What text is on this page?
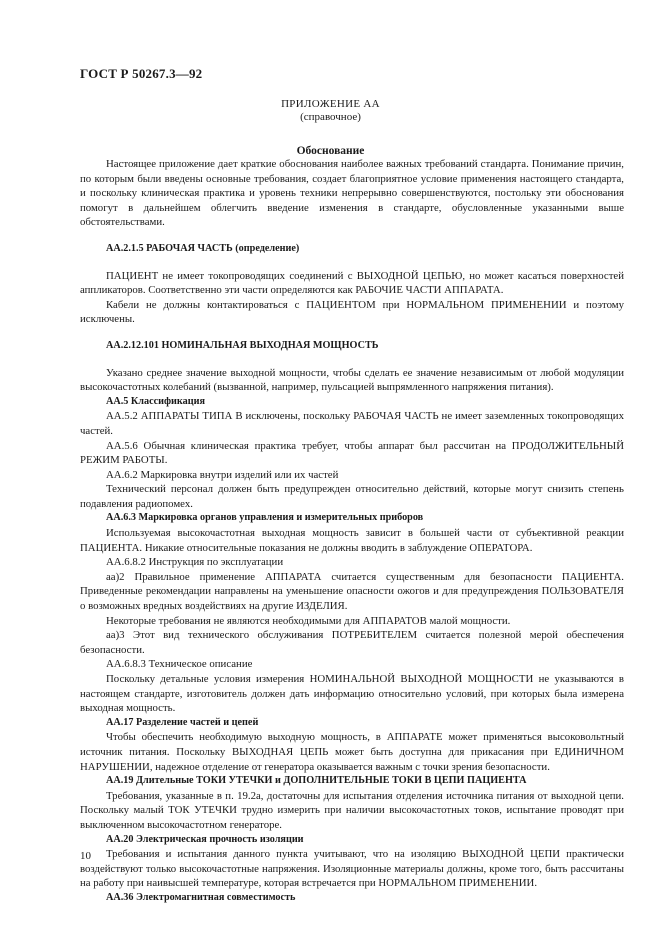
ГОСТ Р 50267.3—92
ПРИЛОЖЕНИЕ АА
(справочное)
Обоснование

Настоящее приложение дает краткие обоснования наиболее важных требований стандарта. Понимание причин, по которым были введены основные требования, создает благоприятное условие применения настоящего стандарта, и поскольку клиническая практика и уровень техники непрерывно совершенствуются, постольку эти обоснования помогут в дальнейшем облегчить введение изменения в стандарте, обусловленные указанными выше обстоятельствами.

АА.2.1.5 РАБОЧАЯ ЧАСТЬ (определение)

ПАЦИЕНТ не имеет токопроводящих соединений с ВЫХОДНОЙ ЦЕПЬЮ, но может касаться поверхностей аппликаторов. Соответственно эти части определяются как РАБОЧИЕ ЧАСТИ АППАРАТА.

Кабели не должны контактироваться с ПАЦИЕНТОМ при НОРМАЛЬНОМ ПРИМЕНЕНИИ и поэтому исключены.

АА.2.12.101 НОМИНАЛЬНАЯ ВЫХОДНАЯ МОЩНОСТЬ

Указано среднее значение выходной мощности, чтобы сделать ее значение независимым от любой модуляции высокочастотных колебаний (вызванной, например, пульсацией выпрямленного напряжения питания).

АА.5 Классификация

АА.5.2 АППАРАТЫ ТИПА В исключены, поскольку РАБОЧАЯ ЧАСТЬ не имеет заземленных токопроводящих частей.

АА.5.6 Обычная клиническая практика требует, чтобы аппарат был рассчитан на ПРОДОЛЖИТЕЛЬНЫЙ РЕЖИМ РАБОТЫ.

АА.6.2 Маркировка внутри изделий или их частей

Технический персонал должен быть предупрежден относительно действий, которые могут снизить степень подавления радиопомех.

АА.6.3 Маркировка органов управления и измерительных приборов

Используемая высокочастотная выходная мощность зависит в большей части от субъективной реакции ПАЦИЕНТА. Никакие относительные показания не должны вводить в заблуждение ОПЕРАТОРА.

АА.6.8.2 Инструкция по эксплуатации

аа)2 Правильное применение АППАРАТА считается существенным для безопасности ПАЦИЕНТА. Приведенные рекомендации направлены на уменьшение опасности ожогов и для предупреждения ПОЛЬЗОВАТЕЛЯ о возможных вредных воздействиях на другие ИЗДЕЛИЯ.

Некоторые требования не являются необходимыми для АППАРАТОВ малой мощности.

аа)3 Этот вид технического обслуживания ПОТРЕБИТЕЛЕМ считается полезной мерой обеспечения безопасности.

АА.6.8.3 Техническое описание

Поскольку детальные условия измерения НОМИНАЛЬНОЙ ВЫХОДНОЙ МОЩНОСТИ не указываются в настоящем стандарте, изготовитель должен дать информацию относительно условий, при которых была измерена выходная мощность.

АА.17 Разделение частей и цепей

Чтобы обеспечить необходимую выходную мощность, в АППАРАТЕ может применяться высоковольтный источник питания. Поскольку ВЫХОДНАЯ ЦЕПЬ может быть доступна для прикасания при ЕДИНИЧНОМ НАРУШЕНИИ, надежное отделение от генератора оказывается важным с точки зрения безопасности.

АА.19 Длительные ТОКИ УТЕЧКИ и ДОПОЛНИТЕЛЬНЫЕ ТОКИ В ЦЕПИ ПАЦИЕНТА

Требования, указанные в п. 19.2а, достаточны для испытания отделения источника питания от выходной цепи. Поскольку малый ТОК УТЕЧКИ трудно измерить при наличии высокочастотных токов, испытание проводят при выключенном высокочастотном генераторе.

АА.20 Электрическая прочность изоляции

Требования и испытания данного пункта учитывают, что на изоляцию ВЫХОДНОЙ ЦЕПИ практически воздействуют только высокочастотные напряжения. Изоляционные материалы должны, кроме того, быть рассчитаны на работу при наивысшей температуре, которая встречается при НОРМАЛЬНОМ ПРИМЕНЕНИИ.

АА.36 Электромагнитная совместимость

10
